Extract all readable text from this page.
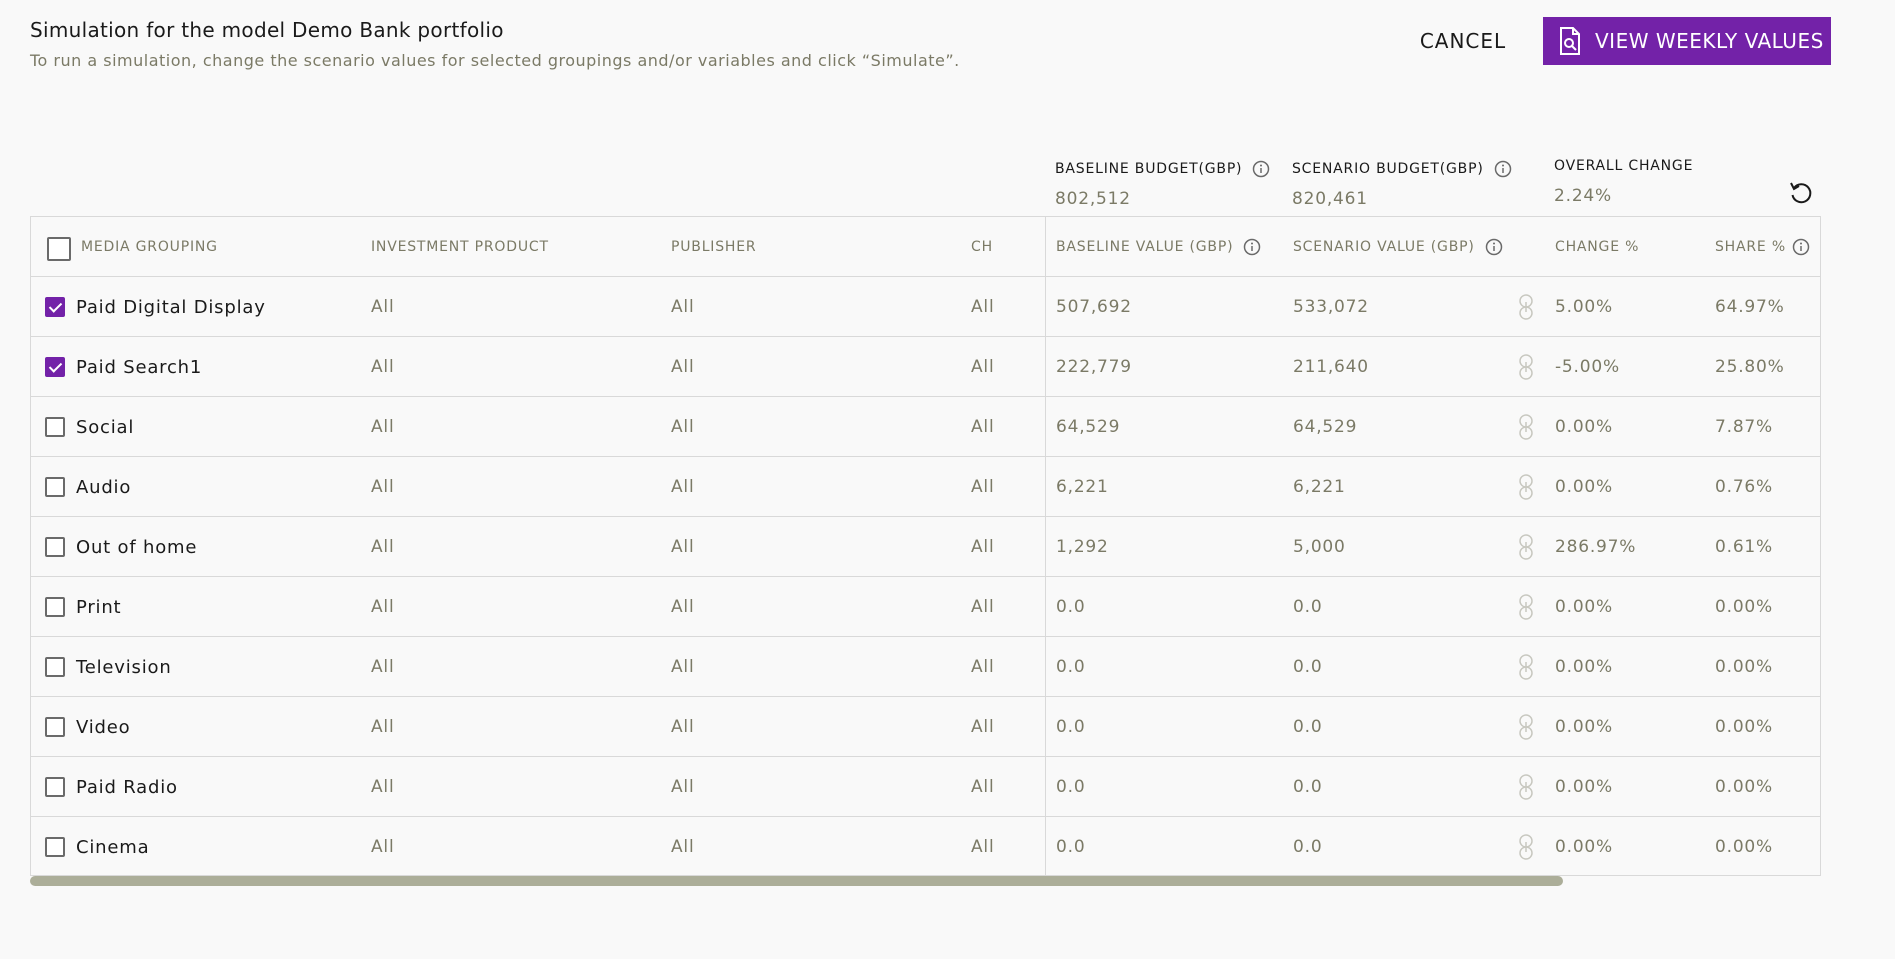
Simulation for the model Demo Bank portfolio
To run a simulation, change the scenario values for selected groupings and/or variables and click “Simulate”.
CANCEL	VIEW WEEKLY VALUES
BASELINE BUDGET (GBP)
802,512
SCENARIO BUDGET (GBP)
820,461
OVERALL CHANGE
2.24%
MEDIA GROUPING	INVESTMENT PRODUCT	PUBLISHER	CH	BASELINE VALUE (GBP)	SCENARIO VALUE (GBP)	CHANGE %	SHARE %
Paid Digital Display	All	All	All	507,692	533,072	5.00%	64.97%
Paid Search1	All	All	All	222,779	211,640	-5.00%	25.80%
Social	All	All	All	64,529	64,529	0.00%	7.87%
Audio	All	All	All	6,221	6,221	0.00%	0.76%
Out of home	All	All	All	1,292	5,000	286.97%	0.61%
Print	All	All	All	0.0	0.0	0.00%	0.00%
Television	All	All	All	0.0	0.0	0.00%	0.00%
Video	All	All	All	0.0	0.0	0.00%	0.00%
Paid Radio	All	All	All	0.0	0.0	0.00%	0.00%
Cinema	All	All	All	0.0	0.0	0.00%	0.00%
